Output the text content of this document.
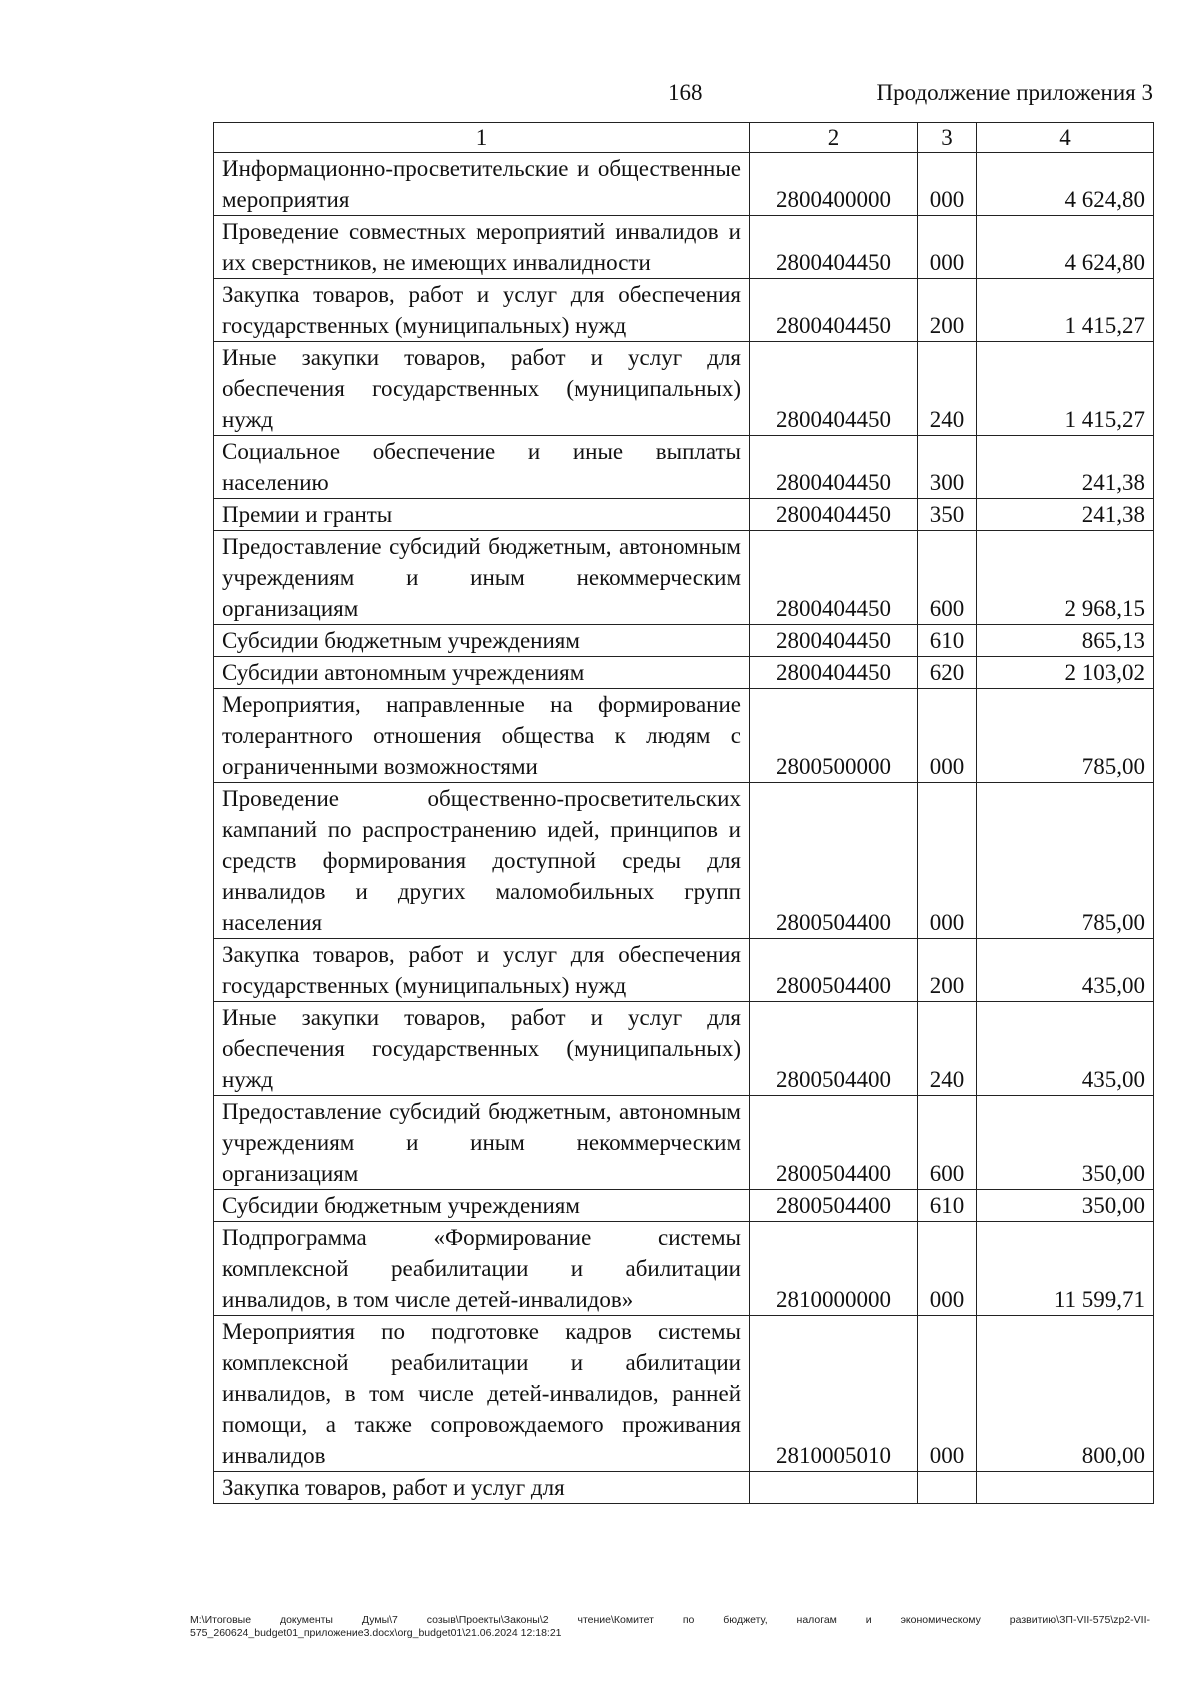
168	Продолжение приложения 3
1	2	3	4
Информационно-просветительские и общественные мероприятия	2800400000	000	4 624,80
Проведение совместных мероприятий инвалидов и их сверстников, не имеющих инвалидности	2800404450	000	4 624,80
Закупка товаров, работ и услуг для обеспечения государственных (муниципальных) нужд	2800404450	200	1 415,27
Иные закупки товаров, работ и услуг для обеспечения государственных (муниципальных) нужд	2800404450	240	1 415,27
Социальное обеспечение и иные выплаты населению	2800404450	300	241,38
Премии и гранты	2800404450	350	241,38
Предоставление субсидий бюджетным, автономным учреждениям и иным некоммерческим организациям	2800404450	600	2 968,15
Субсидии бюджетным учреждениям	2800404450	610	865,13
Субсидии автономным учреждениям	2800404450	620	2 103,02
Мероприятия, направленные на формирование толерантного отношения общества к людям с ограниченными возможностями	2800500000	000	785,00
Проведение общественно-просветительских кампаний по распространению идей, принципов и средств формирования доступной среды для инвалидов и других маломобильных групп населения	2800504400	000	785,00
Закупка товаров, работ и услуг для обеспечения государственных (муниципальных) нужд	2800504400	200	435,00
Иные закупки товаров, работ и услуг для обеспечения государственных (муниципальных) нужд	2800504400	240	435,00
Предоставление субсидий бюджетным, автономным учреждениям и иным некоммерческим организациям	2800504400	600	350,00
Субсидии бюджетным учреждениям	2800504400	610	350,00
Подпрограмма «Формирование системы комплексной реабилитации и абилитации инвалидов, в том числе детей-инвалидов»	2810000000	000	11 599,71
Мероприятия по подготовке кадров системы комплексной реабилитации и абилитации инвалидов, в том числе детей-инвалидов, ранней помощи, а также сопровождаемого проживания инвалидов	2810005010	000	800,00
Закупка товаров, работ и услуг для			
М:\Итоговые документы Думы\7 созыв\Проекты\Законы\2 чтение\Комитет по бюджету, налогам и экономическому развитию\ЗП-VII-575\zp2-VII-575_260624_budget01_приложение3.docx\org_budget01\21.06.2024 12:18:21
